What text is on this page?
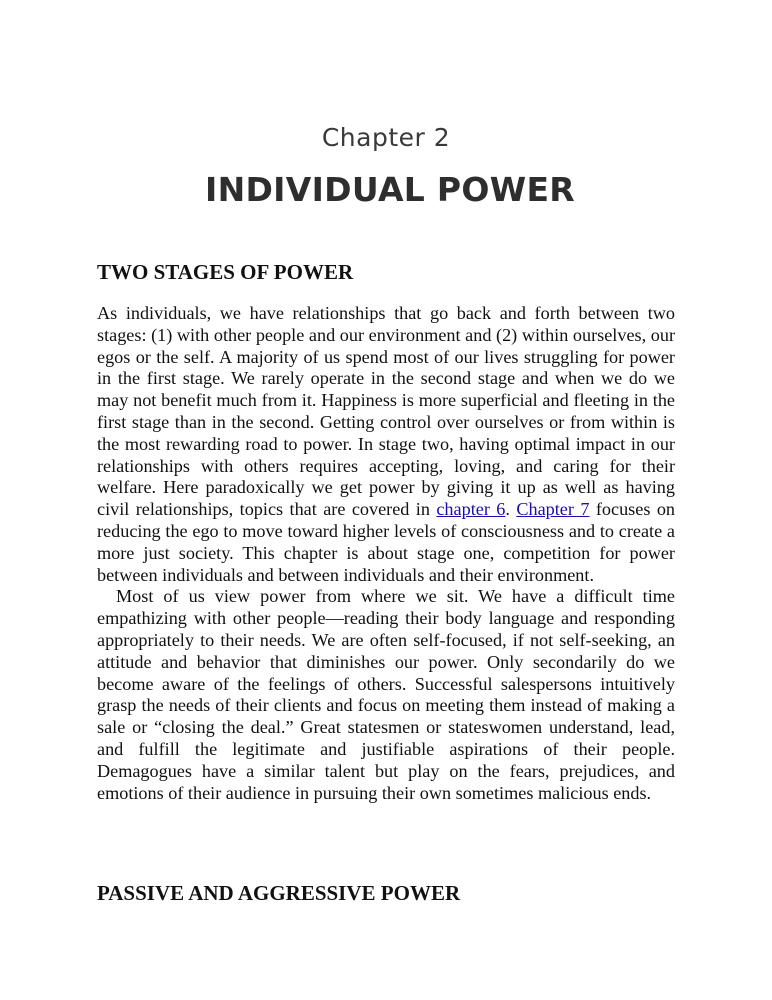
Chapter 2
INDIVIDUAL POWER
TWO STAGES OF POWER

As individuals, we have relationships that go back and forth between two stages: (1) with other people and our environment and (2) within ourselves, our egos or the self. A majority of us spend most of our lives struggling for power in the first stage. We rarely operate in the second stage and when we do we may not benefit much from it. Happiness is more superficial and fleeting in the first stage than in the second. Getting control over ourselves or from within is the most rewarding road to power. In stage two, having optimal impact in our relationships with others requires accepting, loving, and caring for their welfare. Here paradoxically we get power by giving it up as well as having civil relationships, topics that are covered in chapter 6. Chapter 7 focuses on reducing the ego to move toward higher levels of consciousness and to create a more just society. This chapter is about stage one, competition for power between individuals and between individuals and their environment.

Most of us view power from where we sit. We have a difficult time empathizing with other people—reading their body language and responding appropriately to their needs. We are often self-focused, if not self-seeking, an attitude and behavior that diminishes our power. Only secondarily do we become aware of the feelings of others. Successful salespersons intuitively grasp the needs of their clients and focus on meeting them instead of making a sale or “closing the deal.” Great statesmen or stateswomen understand, lead, and fulfill the legitimate and justifiable aspirations of their people. Demagogues have a similar talent but play on the fears, prejudices, and emotions of their audience in pursuing their own sometimes malicious ends.

PASSIVE AND AGGRESSIVE POWER
